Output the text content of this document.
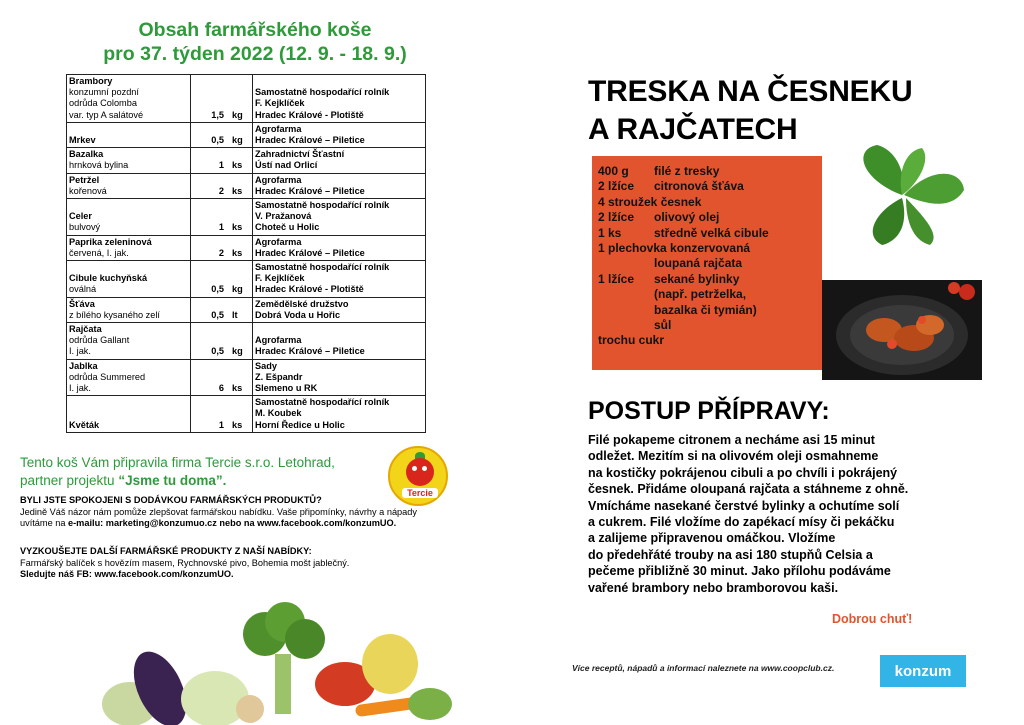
Obsah farmářského koše
pro 37. týden 2022 (12. 9. - 18. 9.)
Brambory
konzumní pozdní
odrůda Colomba
var. typ A salátové	1,5 kg	Samostatně hospodařící rolník
F. Kejklíček
Hradec Králové - Plotiště

Mrkev	0,5 kg	Agrofarma
Hradec Králové – Piletice

Bazalka
hrnková bylina	1 ks	Zahradnictví Šťastní
Ústí nad Orlicí

Petržel
kořenová	2 ks	Agrofarma
Hradec Králové – Piletice

Celer
bulvový	1 ks	Samostatně hospodařící rolník
V. Pražanová
Choteč u Holic

Paprika zeleninová
červená, I. jak.	2 ks	Agrofarma
Hradec Králové – Piletice

Cibule kuchyňská
oválná	0,5 kg	Samostatně hospodařící rolník
F. Kejklíček
Hradec Králové - Plotiště

Šťáva
z bílého kysaného zelí	0,5 lt	Zemědělské družstvo
Dobrá Voda u Hořic

Rajčata
odrůda Gallant
I. jak.	0,5 kg	Agrofarma
Hradec Králové – Piletice

Jablka
odrůda Summered
I. jak.	6 ks	Sady
Z. Ešpandr
Slemeno u RK

Květák	1 ks	Samostatně hospodařící rolník
M. Koubek
Horní Ředice u Holic
Tento koš Vám připravila firma Tercie s.r.o. Letohrad,
partner projektu “Jsme tu doma”.
Tercie
BYLI JSTE SPOKOJENI S DODÁVKOU FARMÁŘSKÝCH PRODUKTŮ?
Jedině Váš názor nám pomůže zlepšovat farmářskou nabídku. Vaše připomínky, návrhy a nápady
uvítáme na e-mailu: marketing@konzumuo.cz nebo na www.facebook.com/konzumUO.
VYZKOUŠEJTE DALŠÍ FARMÁŘSKÉ PRODUKTY Z NAŠÍ NABÍDKY:
Farmářský balíček s hovězím masem, Rychnovské pivo, Bohemia mošt jablečný.
Sledujte náš FB: www.facebook.com/konzumUO.
TRESKA NA ČESNEKU
A RAJČATECH
400 g	filé z tresky
2 lžíce	citronová šťáva
4 stroužek česnek
2 lžíce	olivový olej
1 ks	středně velká cibule
1 plechovka konzervovaná
loupaná rajčata
1 lžíce	sekané bylinky
(např. petrželka,
bazalka či tymián)
sůl
trochu cukr
POSTUP PŘÍPRAVY:
Filé pokapeme citronem a necháme asi 15 minut
odležet. Mezitím si na olivovém oleji osmahneme
na kostičky pokrájenou cibuli a po chvíli i pokrájený
česnek. Přidáme oloupaná rajčata a stáhneme z ohně.
Vmícháme nasekané čerstvé bylinky a ochutíme solí
a cukrem. Filé vložíme do zapékací mísy či pekáčku
a zalijeme připravenou omáčkou. Vložíme
do předehřáté trouby na asi 180 stupňů Celsia a
pečeme přibližně 30 minut. Jako přílohu podáváme
vařené brambory nebo bramborovou kaši.
Dobrou chuť!
Více receptů, nápadů a informací naleznete na www.coopclub.cz.	konzum
